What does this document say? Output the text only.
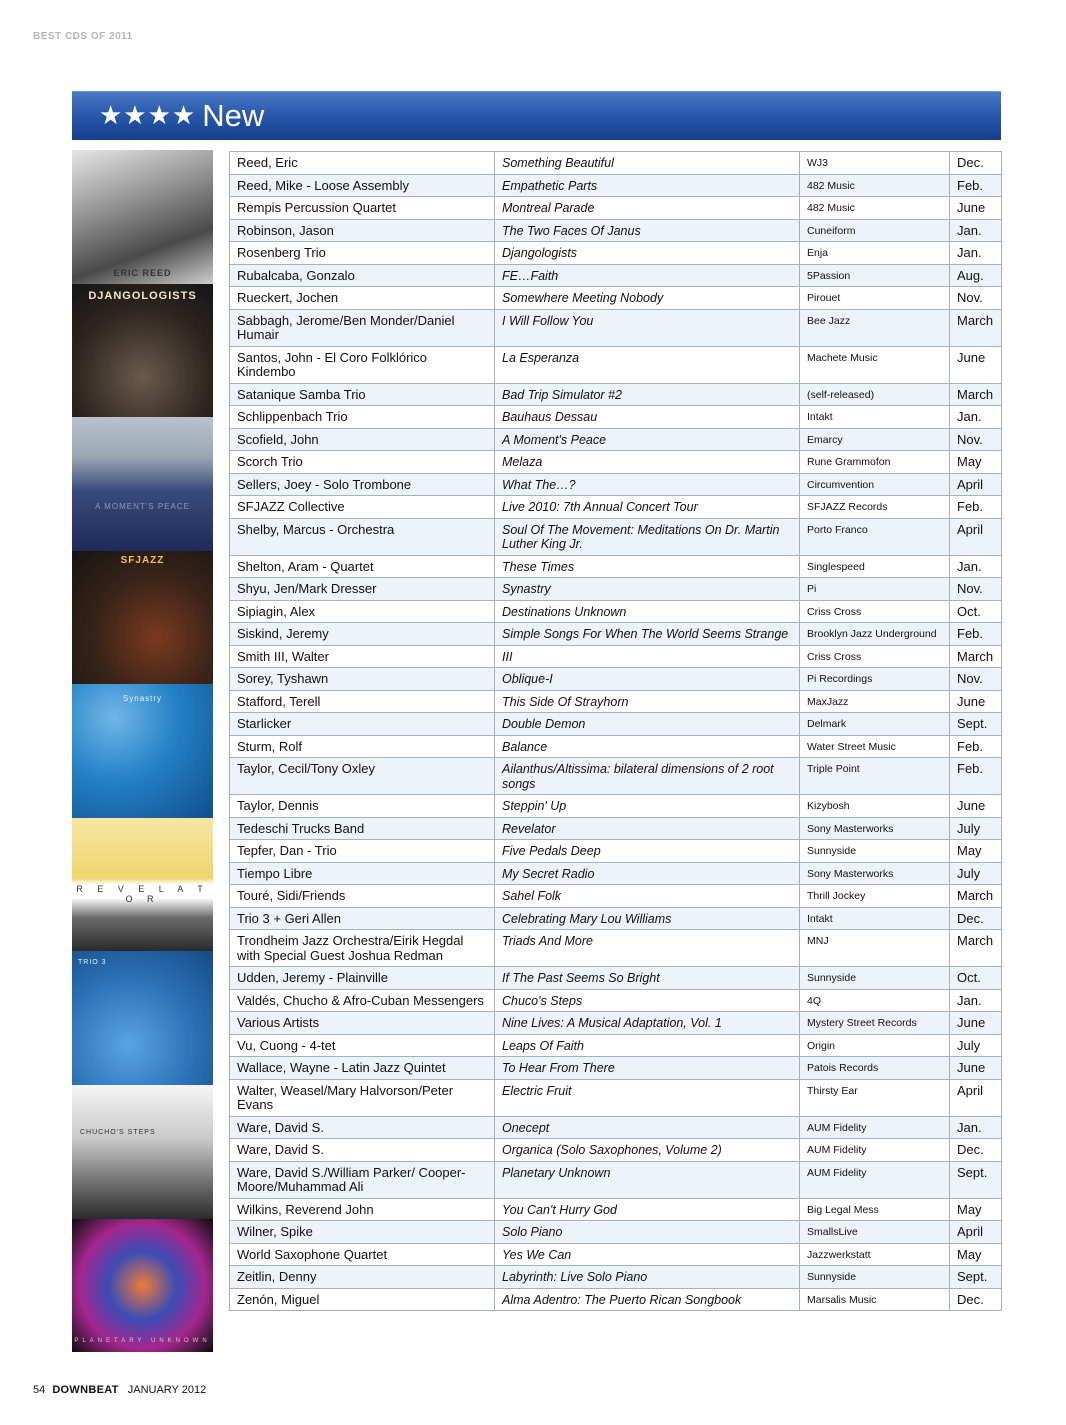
BEST CDS OF 2011
★★★★ New
ERIC REED
DJANGOLOGISTS
A MOMENT'S PEACE
SFJAZZ
Synastry
R E V E L A T O R
TRIO 3
CHUCHO'S STEPS
PLANETARY UNKNOWN
Reed, Eric	Something Beautiful	WJ3	Dec.
Reed, Mike - Loose Assembly	Empathetic Parts	482 Music	Feb.
Rempis Percussion Quartet	Montreal Parade	482 Music	June
Robinson, Jason	The Two Faces Of Janus	Cuneiform	Jan.
Rosenberg Trio	Djangologists	Enja	Jan.
Rubalcaba, Gonzalo	FE…Faith	5Passion	Aug.
Rueckert, Jochen	Somewhere Meeting Nobody	Pirouet	Nov.
Sabbagh, Jerome/Ben Monder/Daniel Humair	I Will Follow You	Bee Jazz	March
Santos, John - El Coro Folklórico Kindembo	La Esperanza	Machete Music	June
Satanique Samba Trio	Bad Trip Simulator #2	(self-released)	March
Schlippenbach Trio	Bauhaus Dessau	Intakt	Jan.
Scofield, John	A Moment's Peace	Emarcy	Nov.
Scorch Trio	Melaza	Rune Grammofon	May
Sellers, Joey - Solo Trombone	What The…?	Circumvention	April
SFJAZZ Collective	Live 2010: 7th Annual Concert Tour	SFJAZZ Records	Feb.
Shelby, Marcus - Orchestra	Soul Of The Movement: Meditations On Dr. Martin Luther King Jr.	Porto Franco	April
Shelton, Aram - Quartet	These Times	Singlespeed	Jan.
Shyu, Jen/Mark Dresser	Synastry	Pi	Nov.
Sipiagin, Alex	Destinations Unknown	Criss Cross	Oct.
Siskind, Jeremy	Simple Songs For When The World Seems Strange	Brooklyn Jazz Underground	Feb.
Smith III, Walter	III	Criss Cross	March
Sorey, Tyshawn	Oblique-I	Pi Recordings	Nov.
Stafford, Terell	This Side Of Strayhorn	MaxJazz	June
Starlicker	Double Demon	Delmark	Sept.
Sturm, Rolf	Balance	Water Street Music	Feb.
Taylor, Cecil/Tony Oxley	Ailanthus/Altissima: bilateral dimensions of 2 root songs	Triple Point	Feb.
Taylor, Dennis	Steppin' Up	Kizybosh	June
Tedeschi Trucks Band	Revelator	Sony Masterworks	July
Tepfer, Dan - Trio	Five Pedals Deep	Sunnyside	May
Tiempo Libre	My Secret Radio	Sony Masterworks	July
Touré, Sidi/Friends	Sahel Folk	Thrill Jockey	March
Trio 3 + Geri Allen	Celebrating Mary Lou Williams	Intakt	Dec.
Trondheim Jazz Orchestra/Eirik Hegdal with Special Guest Joshua Redman	Triads And More	MNJ	March
Udden, Jeremy - Plainville	If The Past Seems So Bright	Sunnyside	Oct.
Valdés, Chucho & Afro-Cuban Messengers	Chuco's Steps	4Q	Jan.
Various Artists	Nine Lives: A Musical Adaptation, Vol. 1	Mystery Street Records	June
Vu, Cuong - 4-tet	Leaps Of Faith	Origin	July
Wallace, Wayne - Latin Jazz Quintet	To Hear From There	Patois Records	June
Walter, Weasel/Mary Halvorson/Peter Evans	Electric Fruit	Thirsty Ear	April
Ware, David S.	Onecept	AUM Fidelity	Jan.
Ware, David S.	Organica (Solo Saxophones, Volume 2)	AUM Fidelity	Dec.
Ware, David S./William Parker/ Cooper-Moore/Muhammad Ali	Planetary Unknown	AUM Fidelity	Sept.
Wilkins, Reverend John	You Can't Hurry God	Big Legal Mess	May
Wilner, Spike	Solo Piano	SmallsLive	April
World Saxophone Quartet	Yes We Can	Jazzwerkstatt	May
Zeitlin, Denny	Labyrinth: Live Solo Piano	Sunnyside	Sept.
Zenón, Miguel	Alma Adentro: The Puerto Rican Songbook	Marsalis Music	Dec.
54 DOWNBEAT JANUARY 2012
